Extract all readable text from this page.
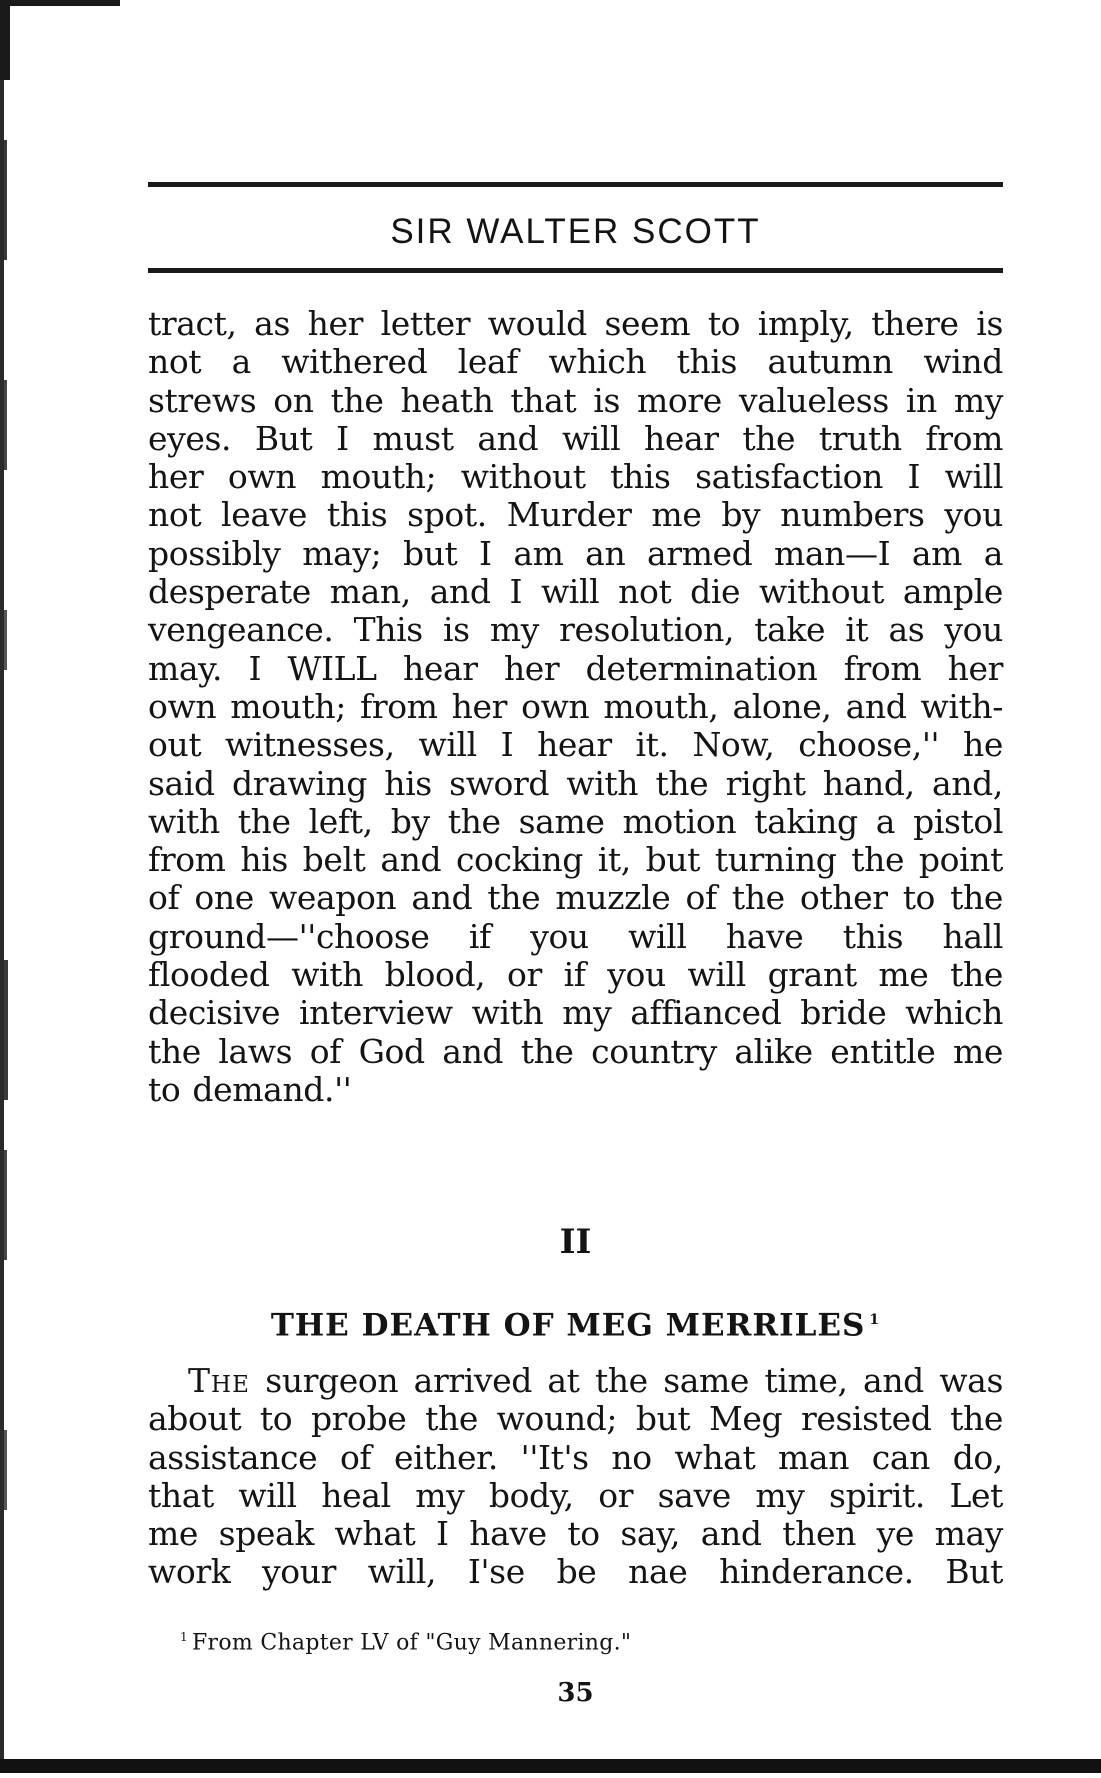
SIR WALTER SCOTT
tract, as her letter would seem to imply, there is
not a withered leaf which this autumn wind
strews on the heath that is more valueless in my
eyes. But I must and will hear the truth from
her own mouth; without this satisfaction I will
not leave this spot. Murder me by numbers you
possibly may; but I am an armed man—I am a
desperate man, and I will not die without ample
vengeance. This is my resolution, take it as you
may. I WILL hear her determination from her
own mouth; from her own mouth, alone, and with-
out witnesses, will I hear it. Now, choose,'' he
said drawing his sword with the right hand, and,
with the left, by the same motion taking a pistol
from his belt and cocking it, but turning the point
of one weapon and the muzzle of the other to the
ground—''choose if you will have this hall
flooded with blood, or if you will grant me the
decisive interview with my affianced bride which
the laws of God and the country alike entitle me
to demand.''
II
THE DEATH OF MEG MERRILES $^1$
The surgeon arrived at the same time, and was
about to probe the wound; but Meg resisted the
assistance of either. ''It's no what man can do,
that will heal my body, or save my spirit. Let
me speak what I have to say, and then ye may
work your will, I'se be nae hinderance. But
$^1$ From Chapter LV of "Guy Mannering."
35
